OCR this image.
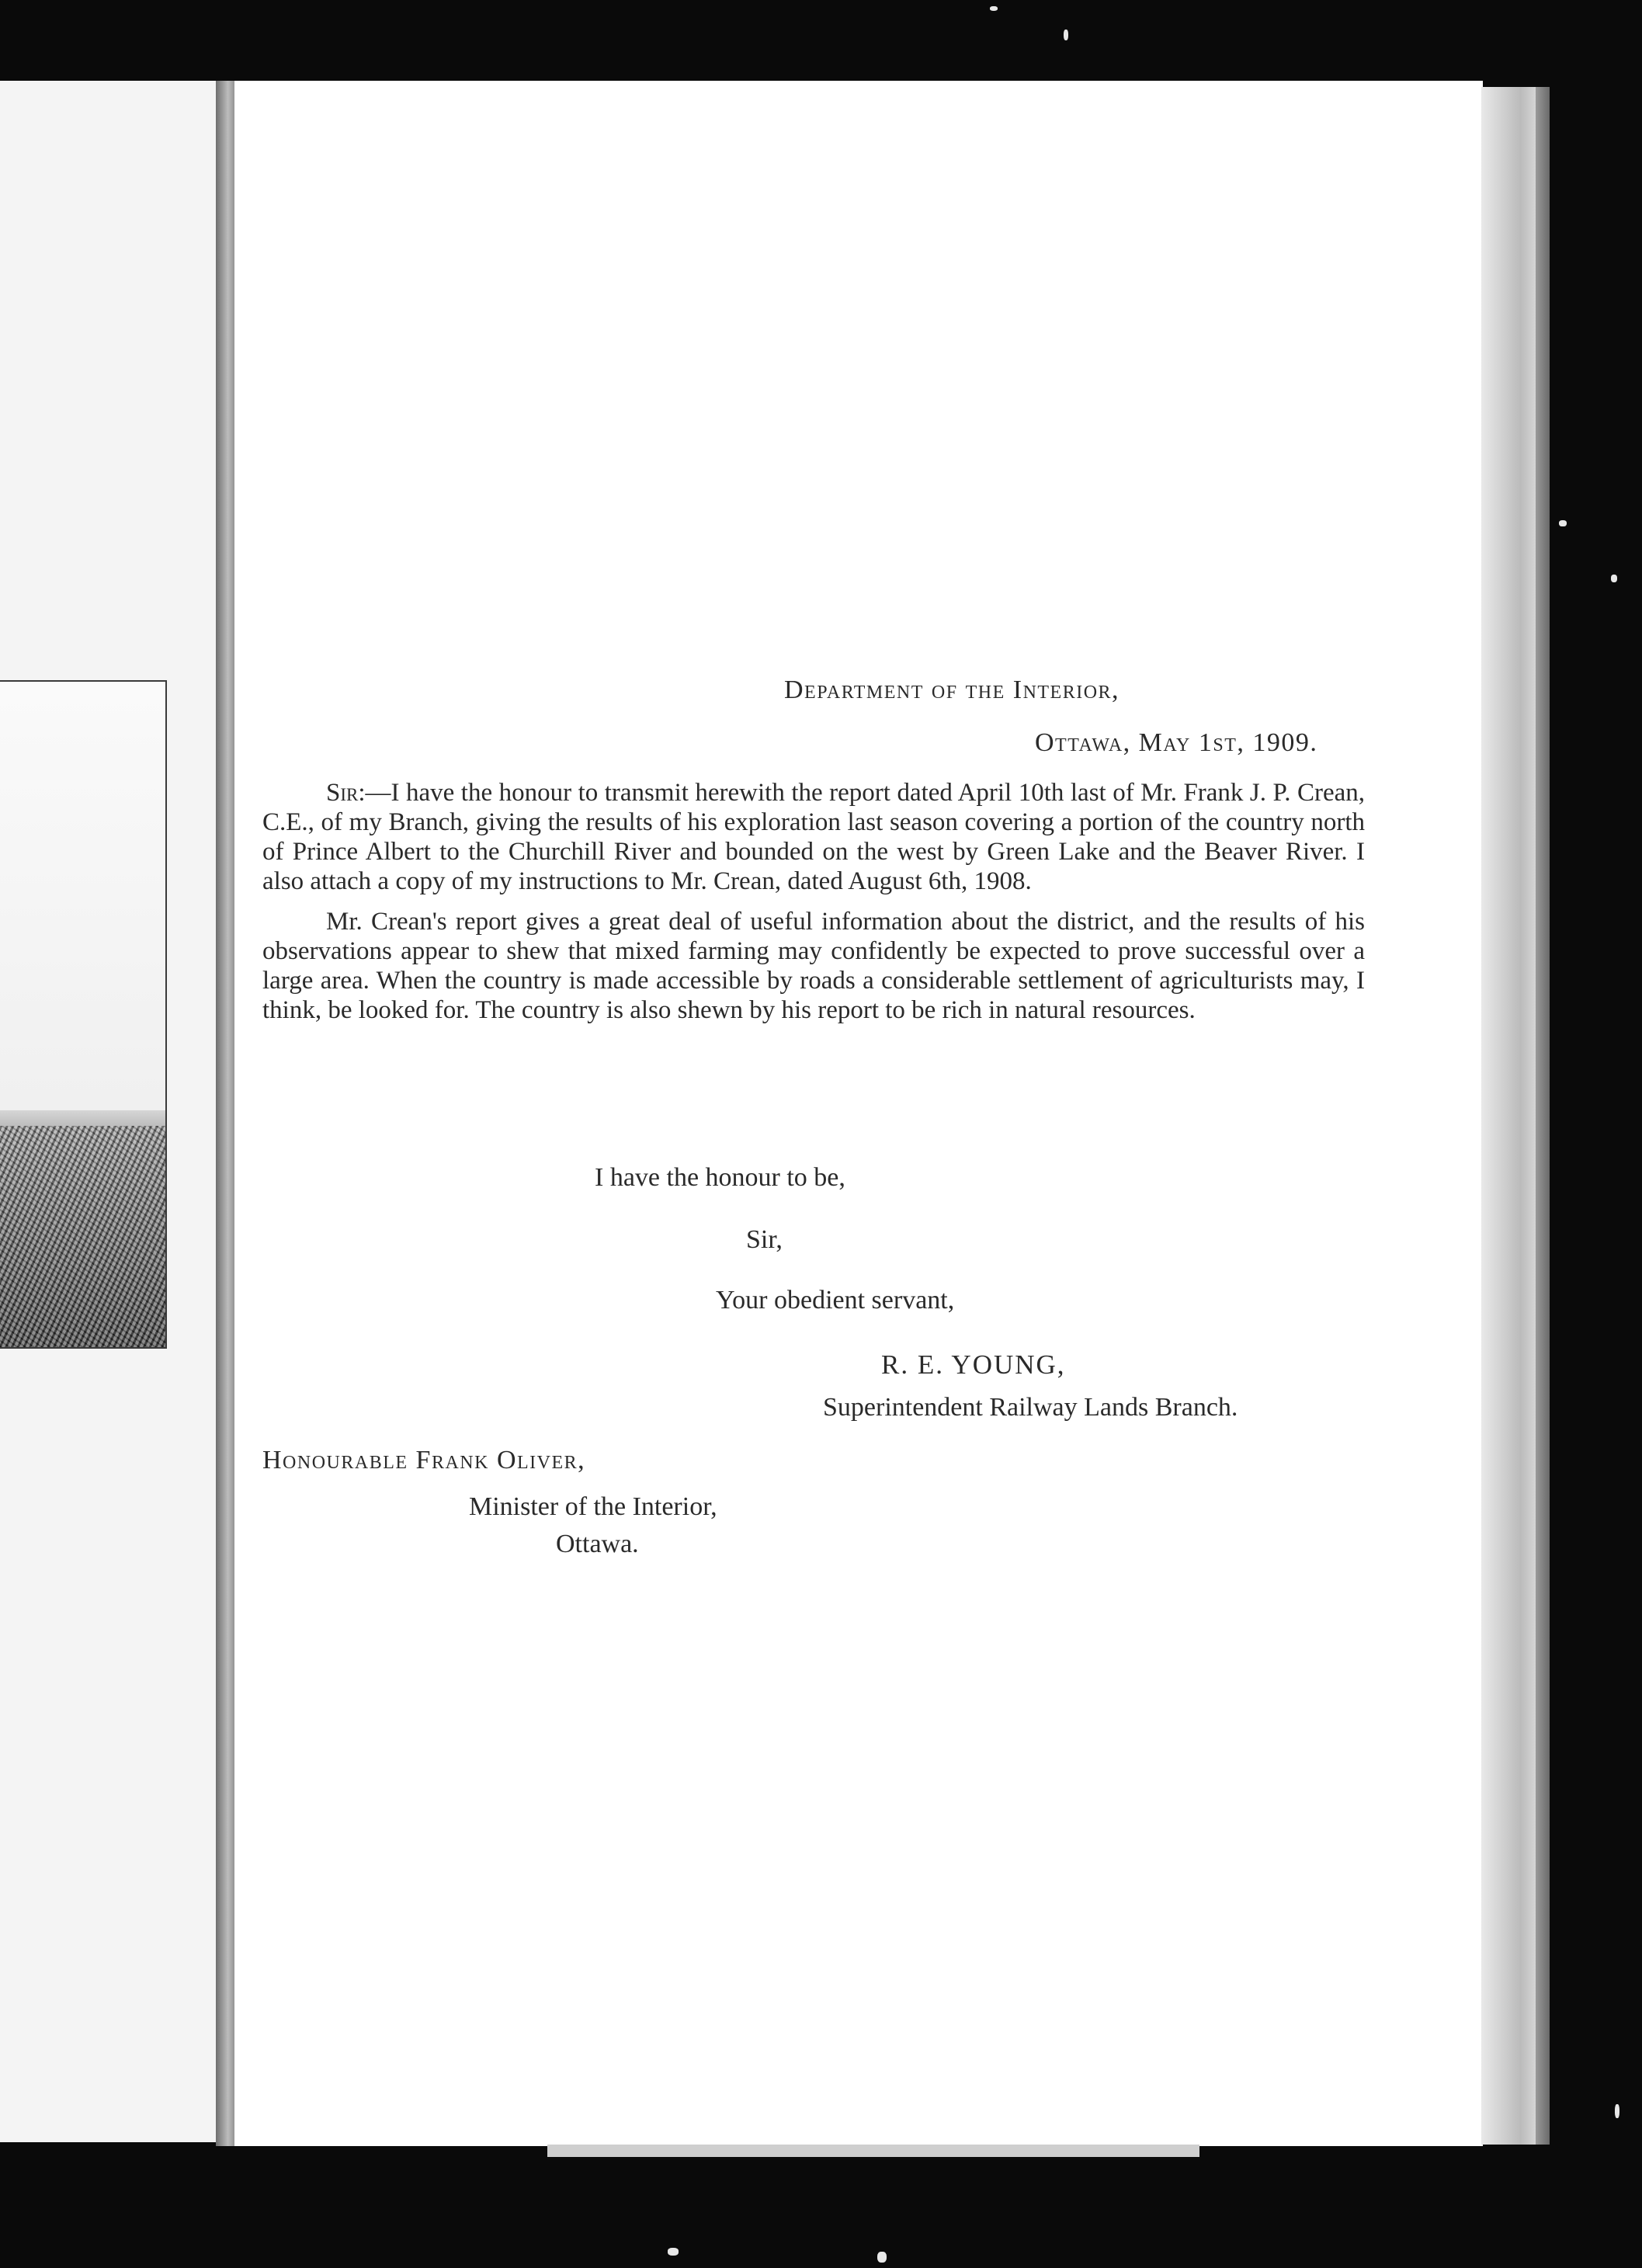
Department of the Interior,
Ottawa, May 1st, 1909.

Sir:—I have the honour to transmit herewith the report dated April 10th last of Mr. Frank J. P. Crean, C.E., of my Branch, giving the results of his exploration last season covering a portion of the country north of Prince Albert to the Churchill River and bounded on the west by Green Lake and the Beaver River. I also attach a copy of my instructions to Mr. Crean, dated August 6th, 1908.

Mr. Crean's report gives a great deal of useful information about the district, and the results of his observations appear to shew that mixed farming may confidently be expected to prove successful over a large area. When the country is made accessible by roads a considerable settlement of agriculturists may, I think, be looked for. The country is also shewn by his report to be rich in natural resources.

I have the honour to be,
Sir,
Your obedient servant,
R. E. YOUNG,
Superintendent Railway Lands Branch.
Honourable Frank Oliver,
Minister of the Interior,
Ottawa.
